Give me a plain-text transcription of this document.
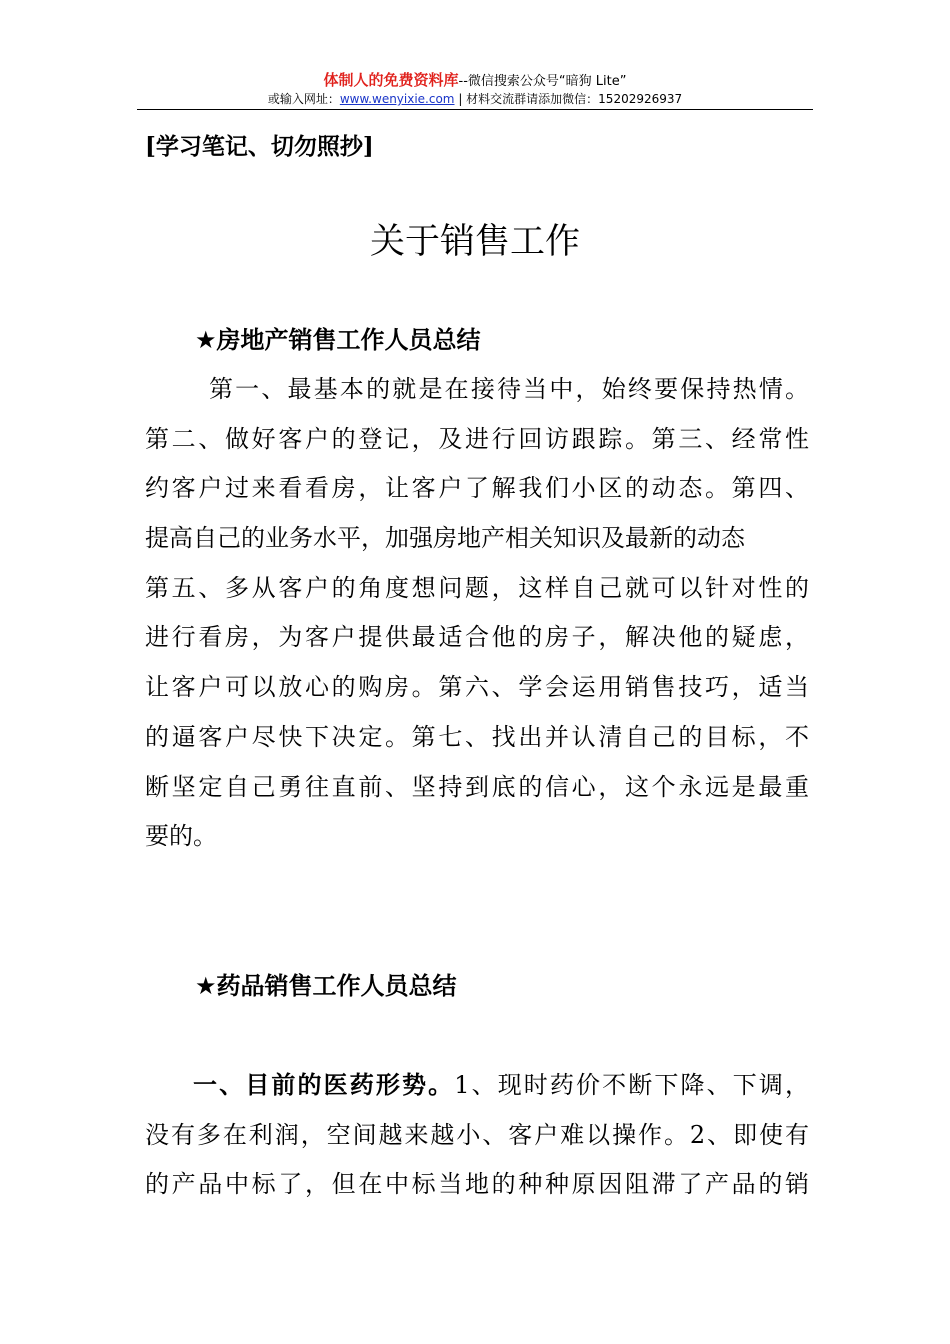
体制人的免费资料库--微信搜索公众号“暗狗 Lite”
或输入网址：www.wenyixie.com | 材料交流群请添加微信：15202926937
[学习笔记、切勿照抄]
关于销售工作
★房地产销售工作人员总结
第一、最基本的就是在接待当中，始终要保持热情。
第二、做好客户的登记，及进行回访跟踪。第三、经常性
约客户过来看看房，让客户了解我们小区的动态。第四、
提高自己的业务水平，加强房地产相关知识及最新的动态
第五、多从客户的角度想问题，这样自己就可以针对性的
进行看房，为客户提供最适合他的房子，解决他的疑虑，
让客户可以放心的购房。第六、学会运用销售技巧，适当
的逼客户尽快下决定。第七、找出并认清自己的目标，不
断坚定自己勇往直前、坚持到底的信心，这个永远是最重
要的。
★药品销售工作人员总结
一、目前的医药形势。1、现时药价不断下降、下调，
没有多在利润，空间越来越小、客户难以操作。2、即使有
的产品中标了，但在中标当地的种种原因阻滞了产品的销
